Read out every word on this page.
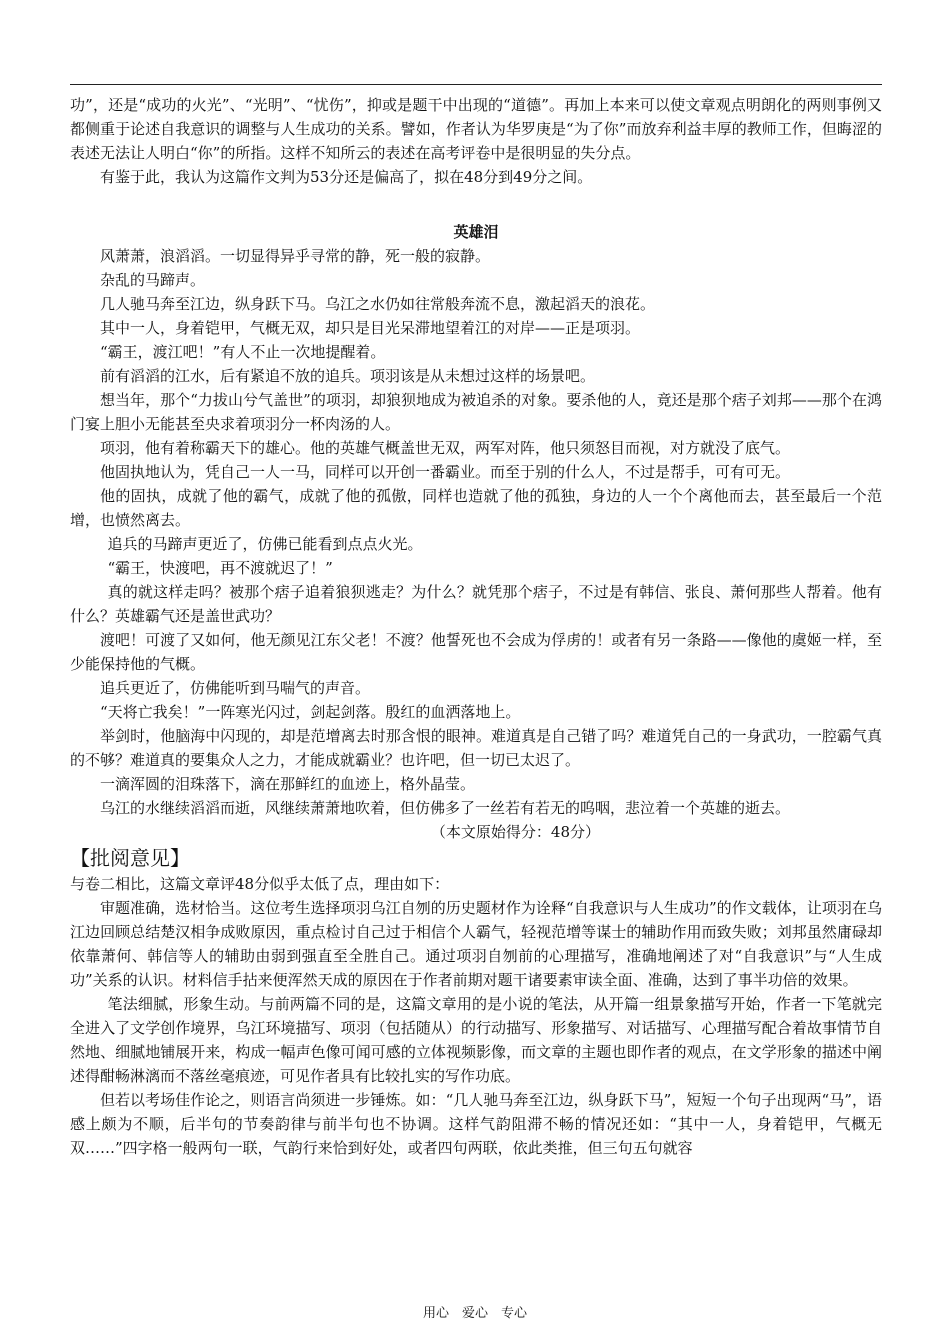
功”，还是“成功的火光”、“光明”、“忧伤”，抑或是题干中出现的“道德”。再加上本来可以使文章观点明朗化的两则事例又都侧重于论述自我意识的调整与人生成功的关系。譬如，作者认为华罗庚是“为了你”而放弃利益丰厚的教师工作，但晦涩的表述无法让人明白“你”的所指。这样不知所云的表述在高考评卷中是很明显的失分点。

有鉴于此，我认为这篇作文判为53分还是偏高了，拟在48分到49分之间。

英雄泪

风萧萧，浪滔滔。一切显得异乎寻常的静，死一般的寂静。

杂乱的马蹄声。

几人驰马奔至江边，纵身跃下马。乌江之水仍如往常般奔流不息，激起滔天的浪花。

其中一人，身着铠甲，气概无双，却只是目光呆滞地望着江的对岸——正是项羽。

“霸王，渡江吧！”有人不止一次地提醒着。

前有滔滔的江水，后有紧追不放的追兵。项羽该是从未想过这样的场景吧。

想当年，那个“力拔山兮气盖世”的项羽，却狼狈地成为被追杀的对象。要杀他的人，竟还是那个痞子刘邦——那个在鸿门宴上胆小无能甚至央求着项羽分一杯肉汤的人。

项羽，他有着称霸天下的雄心。他的英雄气概盖世无双，两军对阵，他只须怒目而视，对方就没了底气。

他固执地认为，凭自己一人一马，同样可以开创一番霸业。而至于别的什么人，不过是帮手，可有可无。

他的固执，成就了他的霸气，成就了他的孤傲，同样也造就了他的孤独，身边的人一个个离他而去，甚至最后一个范增，也愤然离去。

追兵的马蹄声更近了，仿佛已能看到点点火光。

“霸王，快渡吧，再不渡就迟了！”

真的就这样走吗？被那个痞子追着狼狈逃走？为什么？就凭那个痞子，不过是有韩信、张良、萧何那些人帮着。他有什么？英雄霸气还是盖世武功？

渡吧！可渡了又如何，他无颜见江东父老！不渡？他誓死也不会成为俘虏的！或者有另一条路——像他的虞姬一样，至少能保持他的气概。

追兵更近了，仿佛能听到马喘气的声音。

“天将亡我矣！”一阵寒光闪过，剑起剑落。殷红的血洒落地上。

举剑时，他脑海中闪现的，却是范增离去时那含恨的眼神。难道真是自己错了吗？难道凭自己的一身武功，一腔霸气真的不够？难道真的要集众人之力，才能成就霸业？也许吧，但一切已太迟了。

一滴浑圆的泪珠落下，滴在那鲜红的血迹上，格外晶莹。

乌江的水继续滔滔而逝，风继续萧萧地吹着，但仿佛多了一丝若有若无的呜咽，悲泣着一个英雄的逝去。

（本文原始得分：48分）

【批阅意见】

与卷二相比，这篇文章评48分似乎太低了点，理由如下：

审题准确，选材恰当。这位考生选择项羽乌江自刎的历史题材作为诠释“自我意识与人生成功”的作文载体，让项羽在乌江边回顾总结楚汉相争成败原因，重点检讨自己过于相信个人霸气，轻视范增等谋士的辅助作用而致失败；刘邦虽然庸碌却依靠萧何、韩信等人的辅助由弱到强直至全胜自己。通过项羽自刎前的心理描写，准确地阐述了对“自我意识”与“人生成功”关系的认识。材料信手拈来便浑然天成的原因在于作者前期对题干诸要素审读全面、准确，达到了事半功倍的效果。

笔法细腻，形象生动。与前两篇不同的是，这篇文章用的是小说的笔法，从开篇一组景象描写开始，作者一下笔就完全进入了文学创作境界，乌江环境描写、项羽（包括随从）的行动描写、形象描写、对话描写、心理描写配合着故事情节自然地、细腻地铺展开来，构成一幅声色像可闻可感的立体视频影像，而文章的主题也即作者的观点，在文学形象的描述中阐述得酣畅淋漓而不落丝毫痕迹，可见作者具有比较扎实的写作功底。

但若以考场佳作论之，则语言尚须进一步锤炼。如：“几人驰马奔至江边，纵身跃下马”，短短一个句子出现两“马”，语感上颇为不顺，后半句的节奏韵律与前半句也不协调。这样气韵阻滞不畅的情况还如：“其中一人，身着铠甲，气概无双……”四字格一般两句一联，气韵行来恰到好处，或者四句两联，依此类推，但三句五句就容

用心　爱心　专心
